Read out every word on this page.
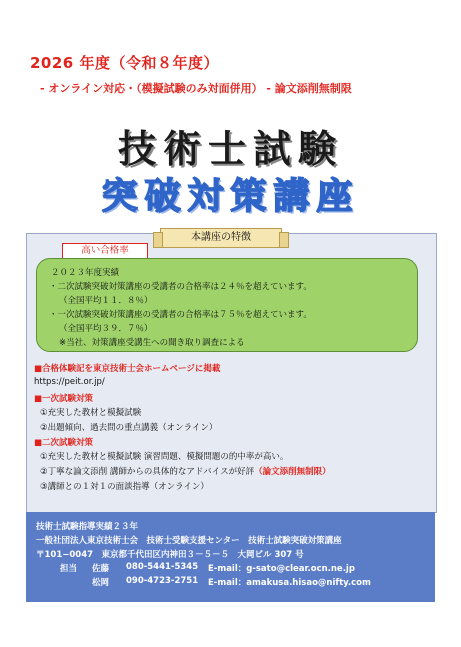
2026 年度（令和８年度）
- オンライン対応・（模擬試験のみ対面併用） - 論文添削無制限
技術士試験
突破対策講座
本講座の特徴
高い合格率
２０２３年度実績
・二次試験突破対策講座の受講者の合格率は２４％を超えています。
（全国平均１１．８％）
・一次試験突破対策講座の受講者の合格率は７５％を超えています。
（全国平均３９．７％）
※当社、対策講座受講生への聞き取り調査による
■合格体験記を東京技術士会ホームページに掲載
https://peit.or.jp/
■一次試験対策
①充実した教材と模擬試験
②出題傾向、過去問の重点講義（オンライン）
■二次試験対策
①充実した教材と模擬試験 演習問題、模擬問題の的中率が高い。
②丁寧な論文添削 講師からの具体的なアドバイスが好評（論文添削無制限）
③講師との１対１の面談指導（オンライン）
技術士試験指導実績２３年
一般社団法人東京技術士会　技術士受験支援センター　技術士試験突破対策講座
〒101−0047　東京都千代田区内神田３－５－５　大岡ビル 307 号
担当 佐藤 080-5441-5345 E-mail：g-sato@clear.ocn.ne.jp
松岡 090-4723-2751 E-mail：amakusa.hisao@nifty.com
